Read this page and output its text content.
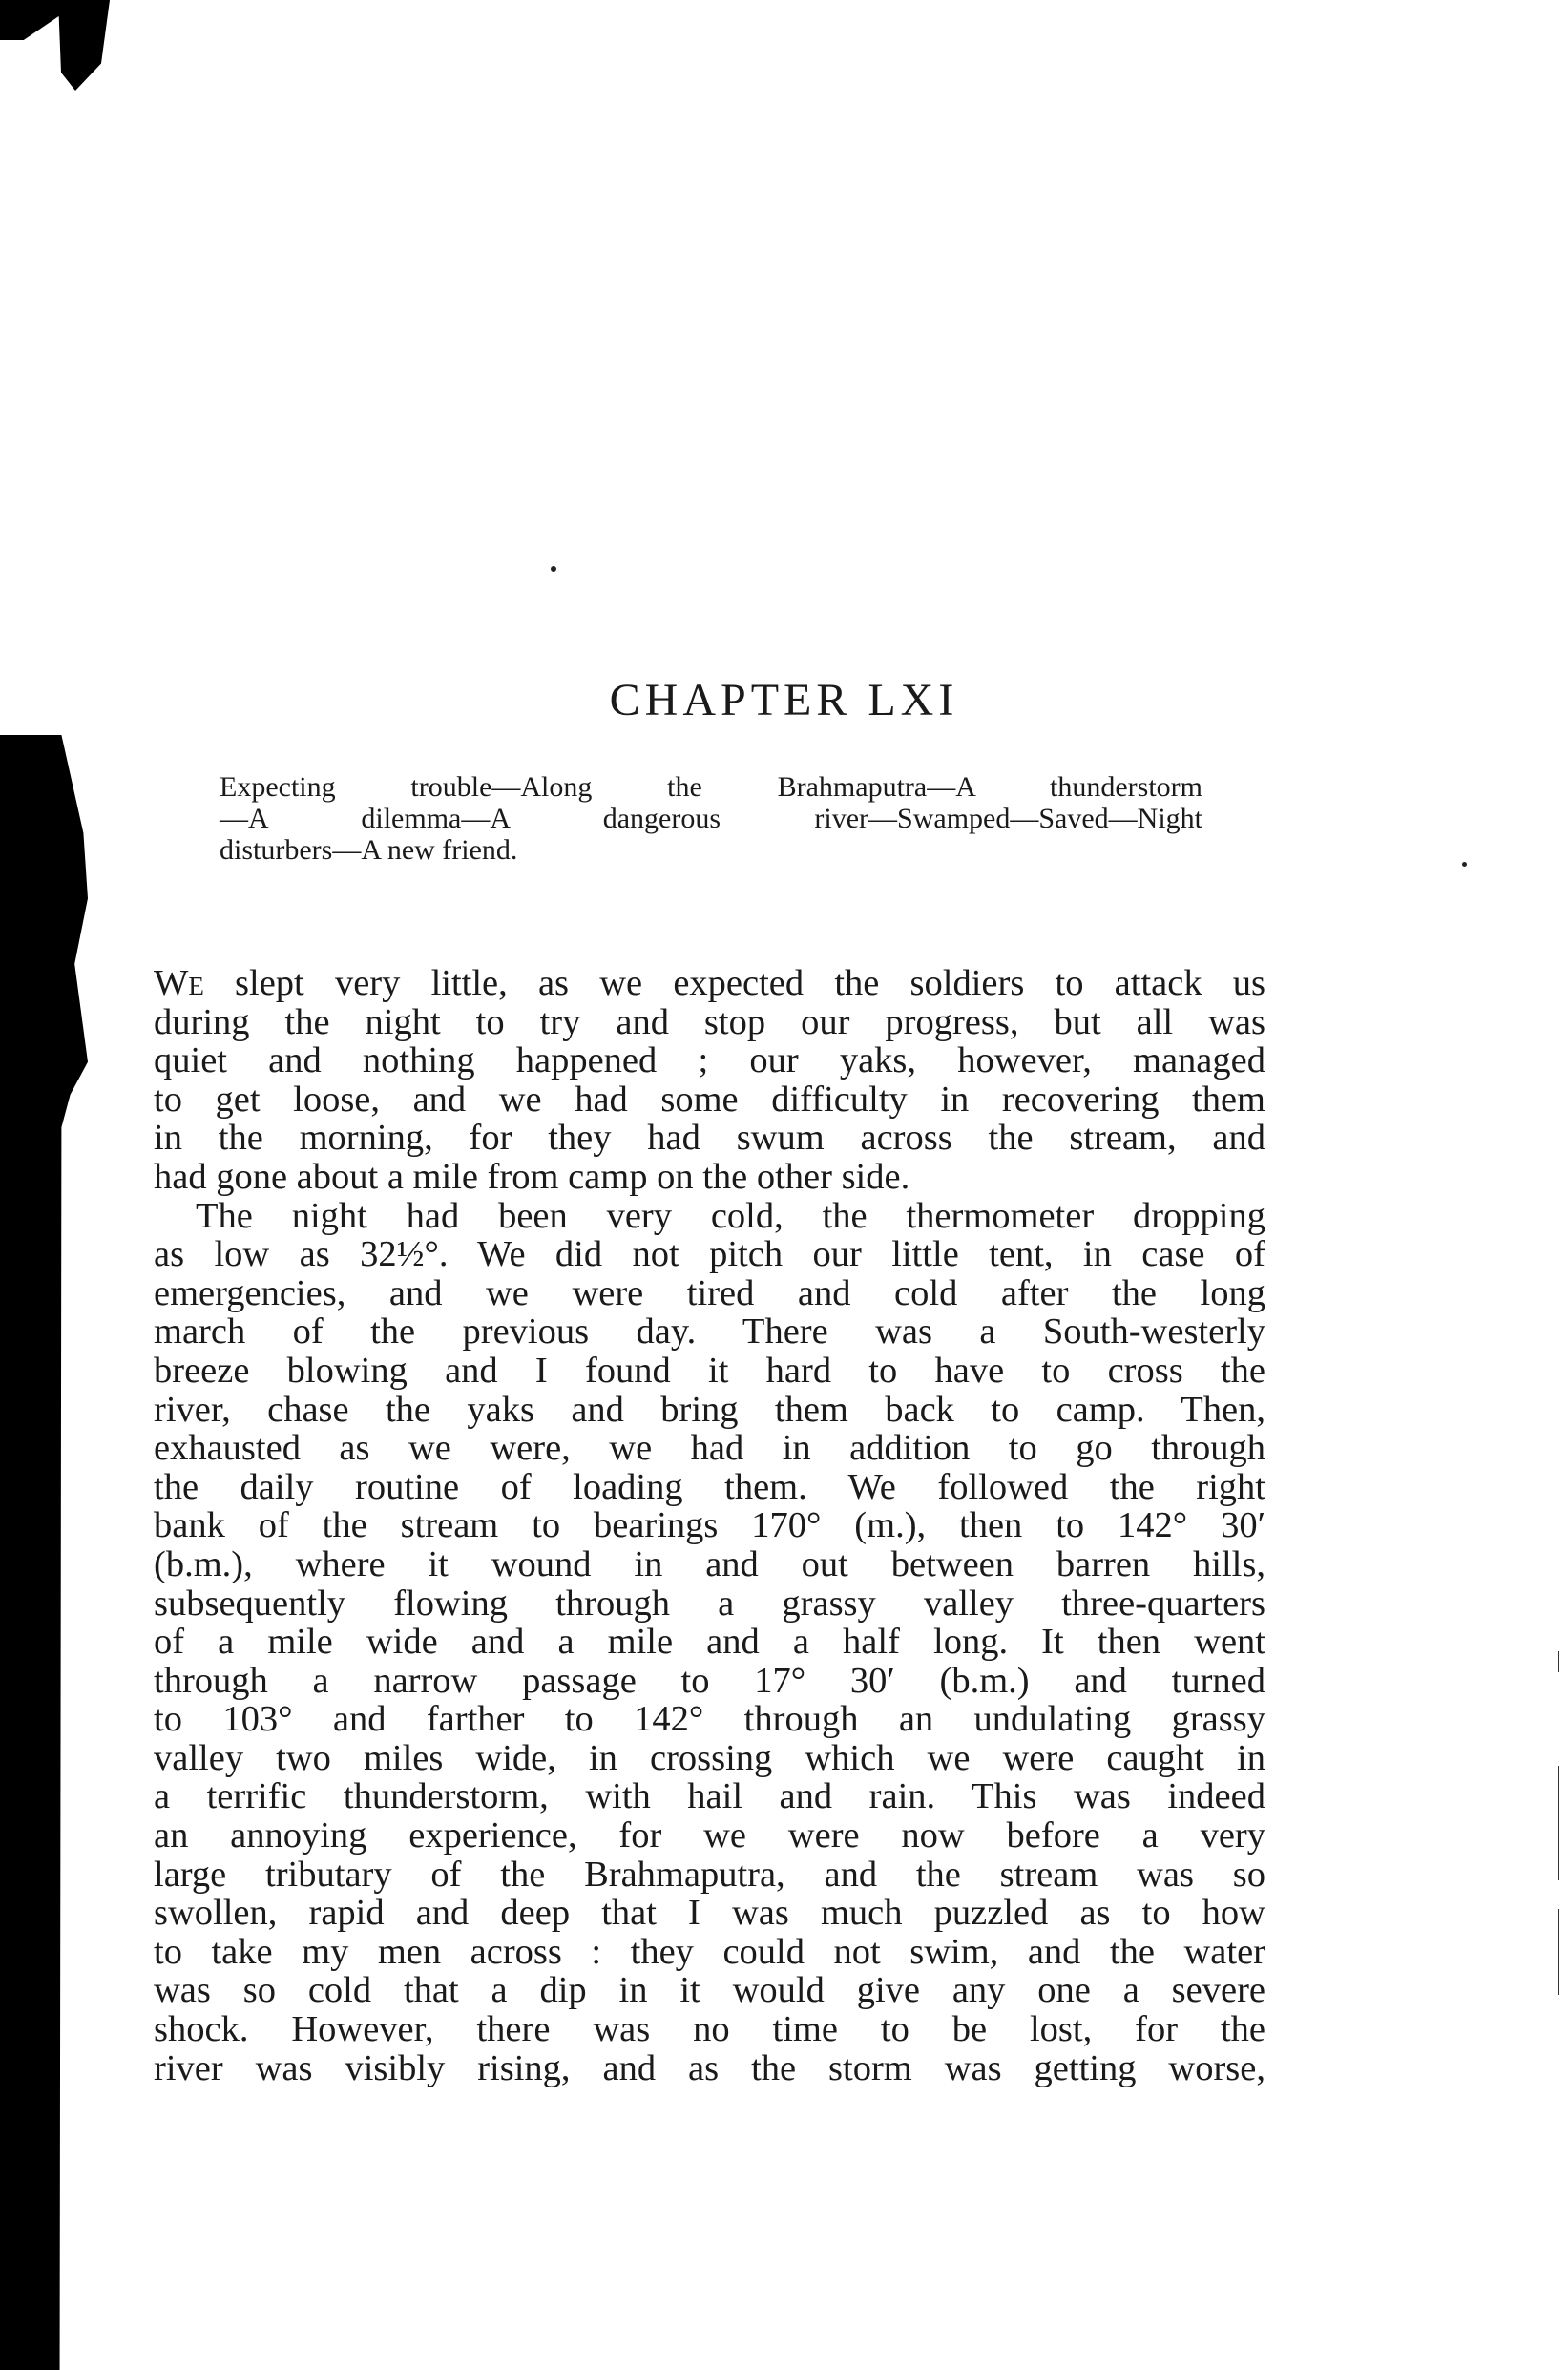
CHAPTER LXI
Expecting trouble—Along the Brahmaputra—A thunderstorm
—A dilemma—A dangerous river—Swamped—Saved—Night
disturbers—A new friend.
We slept very little, as we expected the soldiers to attack us
during the night to try and stop our progress, but all was
quiet and nothing happened ; our yaks, however, managed
to get loose, and we had some difficulty in recovering them
in the morning, for they had swum across the stream, and
had gone about a mile from camp on the other side.
The night had been very cold, the thermometer dropping
as low as 32½°. We did not pitch our little tent, in case of
emergencies, and we were tired and cold after the long
march of the previous day. There was a South-westerly
breeze blowing and I found it hard to have to cross the
river, chase the yaks and bring them back to camp. Then,
exhausted as we were, we had in addition to go through
the daily routine of loading them. We followed the right
bank of the stream to bearings 170° (m.), then to 142° 30′
(b.m.), where it wound in and out between barren hills,
subsequently flowing through a grassy valley three-quarters
of a mile wide and a mile and a half long. It then went
through a narrow passage to 17° 30′ (b.m.) and turned
to 103° and farther to 142° through an undulating grassy
valley two miles wide, in crossing which we were caught in
a terrific thunderstorm, with hail and rain. This was indeed
an annoying experience, for we were now before a very
large tributary of the Brahmaputra, and the stream was so
swollen, rapid and deep that I was much puzzled as to how
to take my men across : they could not swim, and the water
was so cold that a dip in it would give any one a severe
shock. However, there was no time to be lost, for the
river was visibly rising, and as the storm was getting worse,
